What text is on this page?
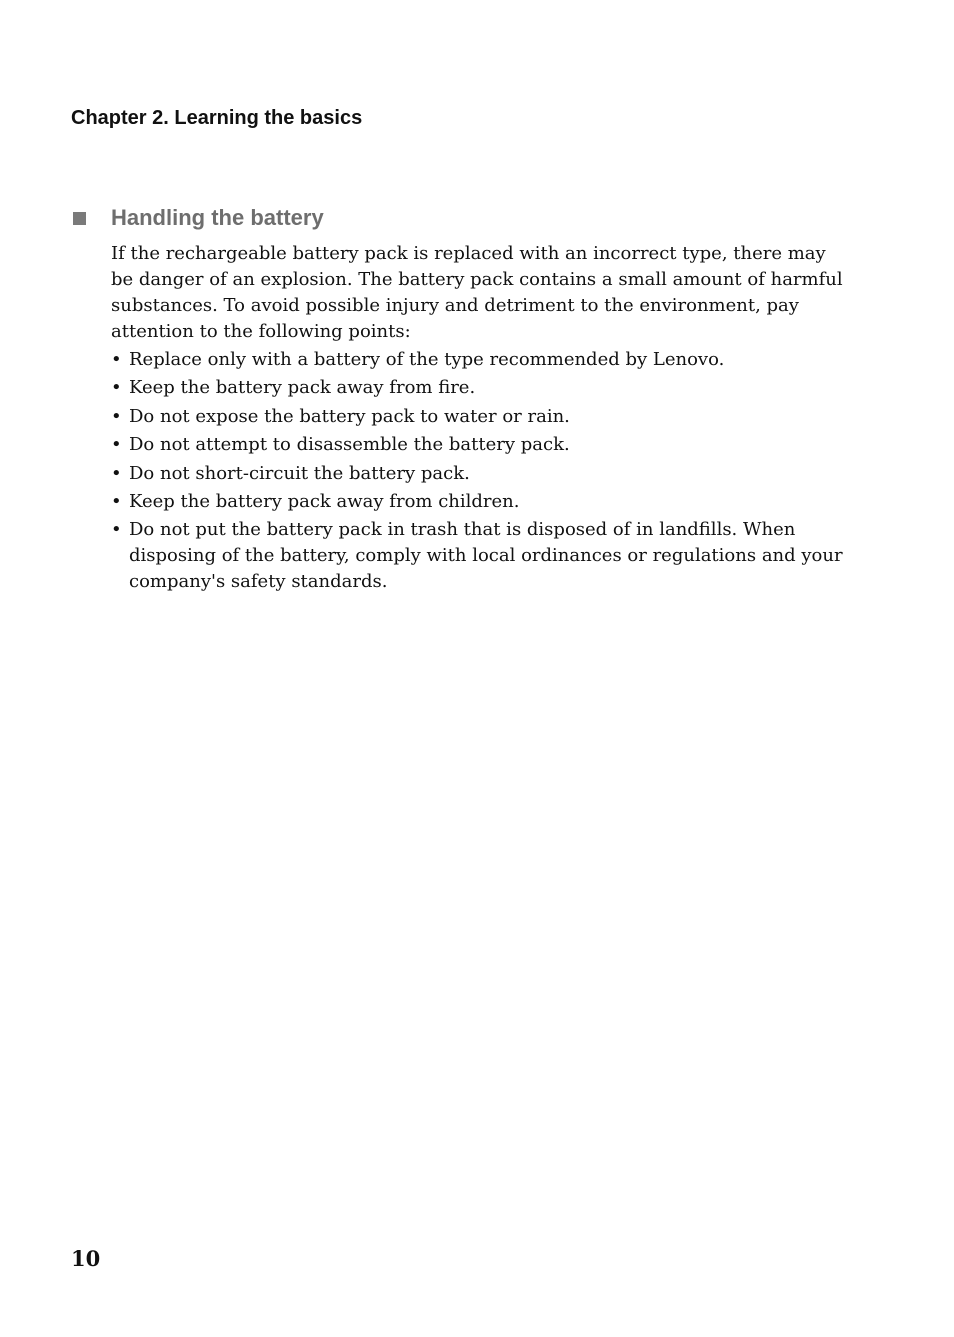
Chapter 2. Learning the basics
Handling the battery

If the rechargeable battery pack is replaced with an incorrect type, there may be danger of an explosion. The battery pack contains a small amount of harmful substances. To avoid possible injury and detriment to the environment, pay attention to the following points:

• Replace only with a battery of the type recommended by Lenovo.
• Keep the battery pack away from fire.
• Do not expose the battery pack to water or rain.
• Do not attempt to disassemble the battery pack.
• Do not short-circuit the battery pack.
• Keep the battery pack away from children.
• Do not put the battery pack in trash that is disposed of in landfills. When disposing of the battery, comply with local ordinances or regulations and your company's safety standards.
10
